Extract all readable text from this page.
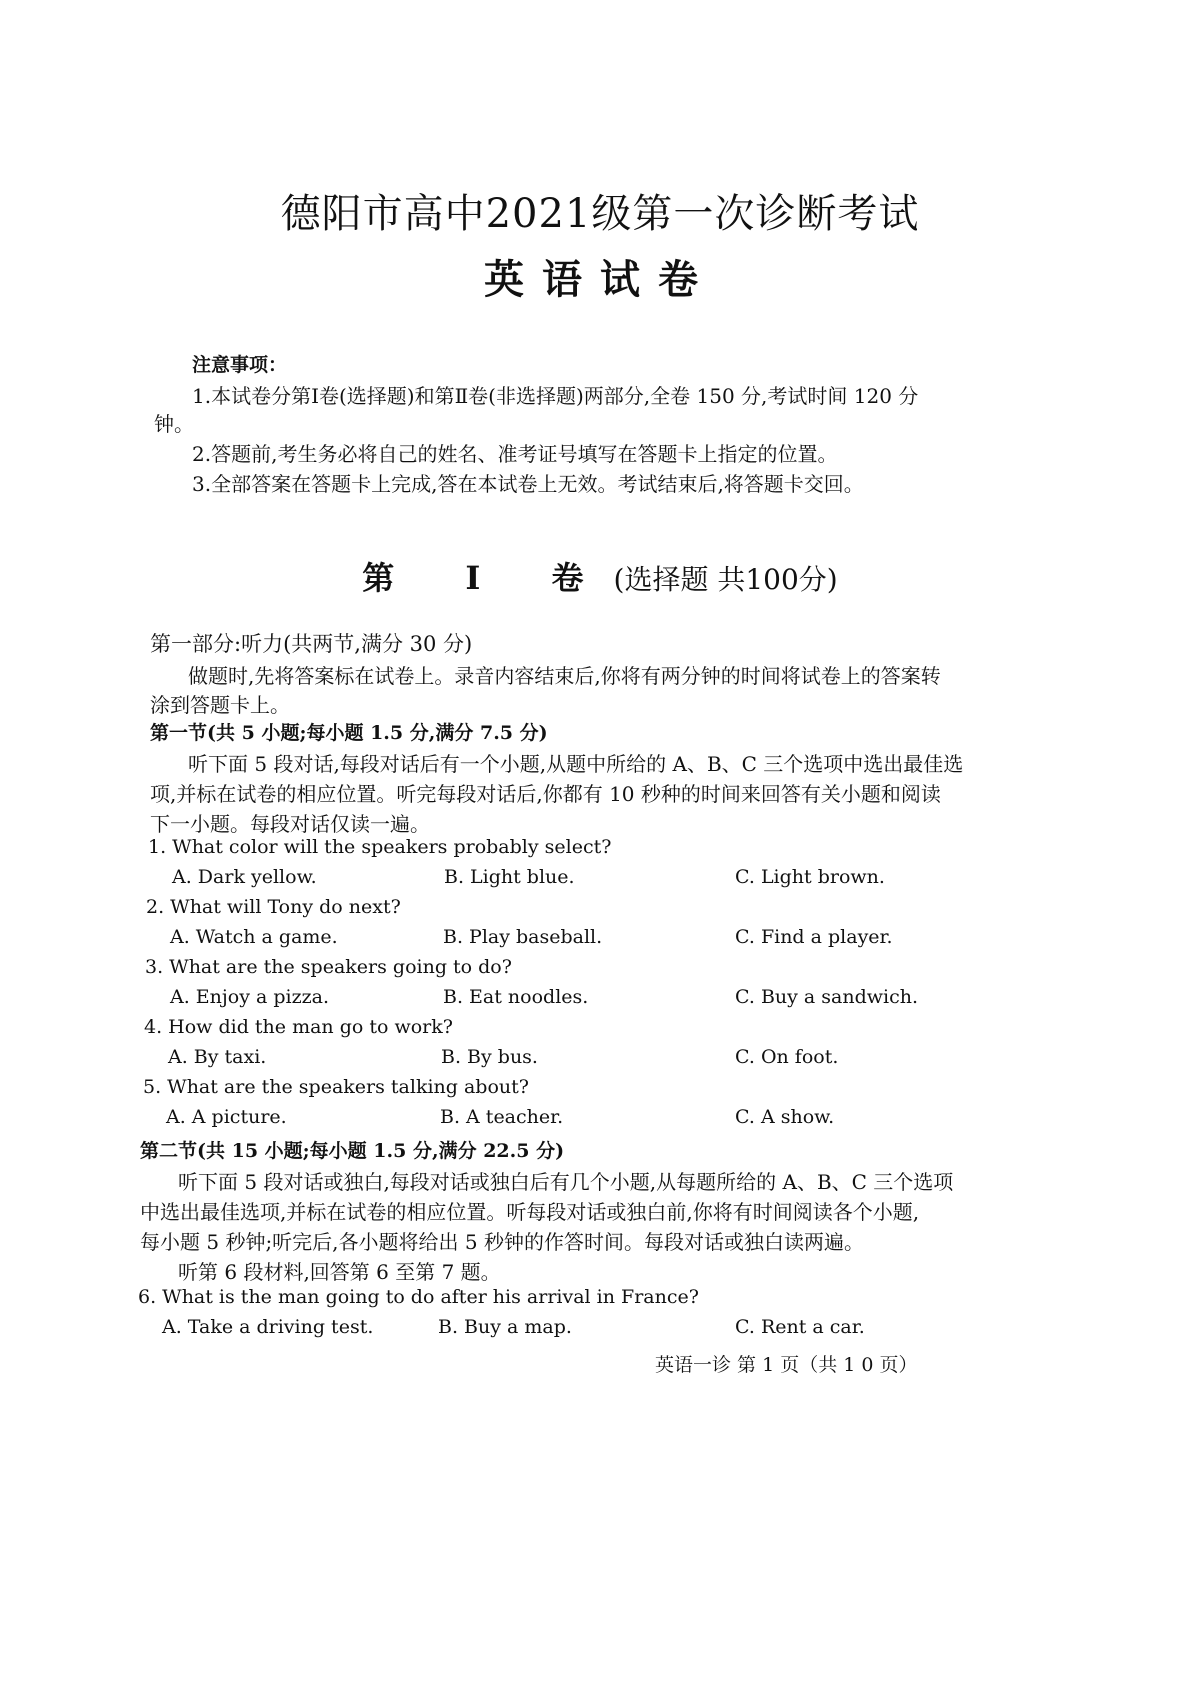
德阳市高中2021级第一次诊断考试
英语试卷
注意事项：
1.本试卷分第Ⅰ卷(选择题)和第Ⅱ卷(非选择题)两部分,全卷 150 分,考试时间 120 分
钟。
2.答题前,考生务必将自己的姓名、准考证号填写在答题卡上指定的位置。
3.全部答案在答题卡上完成,答在本试卷上无效。考试结束后,将答题卡交回。
第 Ⅰ 卷(选择题 共100分)
第一部分:听力(共两节,满分 30 分)
做题时,先将答案标在试卷上。录音内容结束后,你将有两分钟的时间将试卷上的答案转
涂到答题卡上。
第一节(共 5 小题;每小题 1.5 分,满分 7.5 分)
听下面 5 段对话,每段对话后有一个小题,从题中所给的 A、B、C 三个选项中选出最佳选
项,并标在试卷的相应位置。听完每段对话后,你都有 10 秒种的时间来回答有关小题和阅读
下一小题。每段对话仅读一遍。
1. What color will the speakers probably select?
A. Dark yellow.	B. Light blue.	C. Light brown.
2. What will Tony do next?
A. Watch a game.	B. Play baseball.	C. Find a player.
3. What are the speakers going to do?
A. Enjoy a pizza.	B. Eat noodles.	C. Buy a sandwich.
4. How did the man go to work?
A. By taxi.	B. By bus.	C. On foot.
5. What are the speakers talking about?
A. A picture.	B. A teacher.	C. A show.
第二节(共 15 小题;每小题 1.5 分,满分 22.5 分)
听下面 5 段对话或独白,每段对话或独白后有几个小题,从每题所给的 A、B、C 三个选项
中选出最佳选项,并标在试卷的相应位置。听每段对话或独白前,你将有时间阅读各个小题,
每小题 5 秒钟;听完后,各小题将给出 5 秒钟的作答时间。每段对话或独白读两遍。
听第 6 段材料,回答第 6 至第 7 题。
6. What is the man going to do after his arrival in France?
A. Take a driving test.	B. Buy a map.	C. Rent a car.
英语一诊 第 1 页（共 1 0 页）
